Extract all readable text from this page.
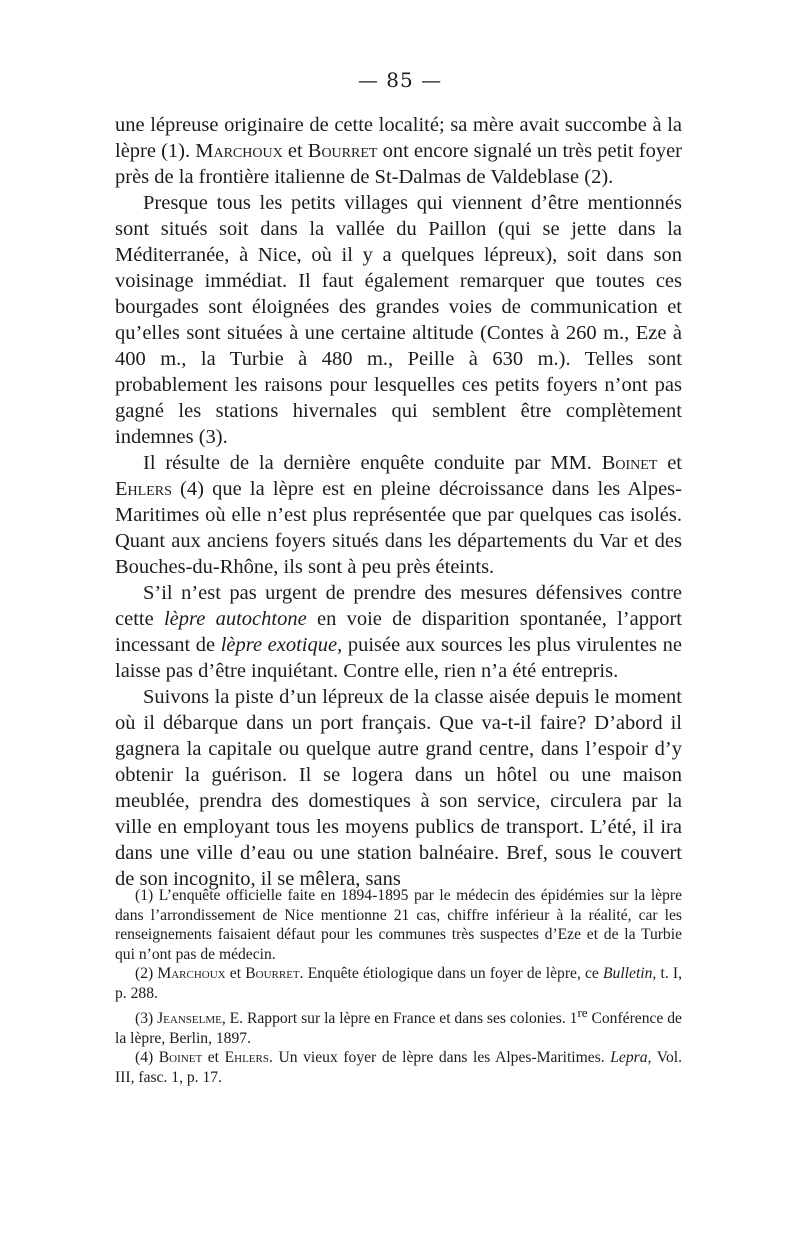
— 85 —

une lépreuse originaire de cette localité; sa mère avait succombe à la lèpre (1). Marchoux et Bourret ont encore signalé un très petit foyer près de la frontière italienne de St-Dalmas de Valdeblase (2).

Presque tous les petits villages qui viennent d’être mentionnés sont situés soit dans la vallée du Paillon (qui se jette dans la Méditerranée, à Nice, où il y a quelques lépreux), soit dans son voisinage immédiat. Il faut également remarquer que toutes ces bourgades sont éloignées des grandes voies de communication et qu’elles sont situées à une certaine altitude (Contes à 260 m., Eze à 400 m., la Turbie à 480 m., Peille à 630 m.). Telles sont probablement les raisons pour lesquelles ces petits foyers n’ont pas gagné les stations hivernales qui semblent être complètement indemnes (3).

Il résulte de la dernière enquête conduite par MM. Boinet et Ehlers (4) que la lèpre est en pleine décroissance dans les Alpes-Maritimes où elle n’est plus représentée que par quelques cas isolés. Quant aux anciens foyers situés dans les départements du Var et des Bouches-du-Rhône, ils sont à peu près éteints.

S’il n’est pas urgent de prendre des mesures défensives contre cette lèpre autochtone en voie de disparition spontanée, l’apport incessant de lèpre exotique, puisée aux sources les plus virulentes ne laisse pas d’être inquiétant. Contre elle, rien n’a été entrepris.

Suivons la piste d’un lépreux de la classe aisée depuis le moment où il débarque dans un port français. Que va-t-il faire? D’abord il gagnera la capitale ou quelque autre grand centre, dans l’espoir d’y obtenir la guérison. Il se logera dans un hôtel ou une maison meublée, prendra des domestiques à son service, circulera par la ville en employant tous les moyens publics de transport. L’été, il ira dans une ville d’eau ou une station balnéaire. Bref, sous le couvert de son incognito, il se mêlera, sans

(1) L’enquête officielle faite en 1894-1895 par le médecin des épidémies sur la lèpre dans l’arrondissement de Nice mentionne 21 cas, chiffre inférieur à la réalité, car les renseignements faisaient défaut pour les communes très suspectes d’Eze et de la Turbie qui n’ont pas de médecin.

(2) Marchoux et Bourret. Enquête étiologique dans un foyer de lèpre, ce Bulletin, t. I, p. 288.

(3) Jeanselme, E. Rapport sur la lèpre en France et dans ses colonies. 1re Conférence de la lèpre, Berlin, 1897.

(4) Boinet et Ehlers. Un vieux foyer de lèpre dans les Alpes-Maritimes. Lepra, Vol. III, fasc. 1, p. 17.
